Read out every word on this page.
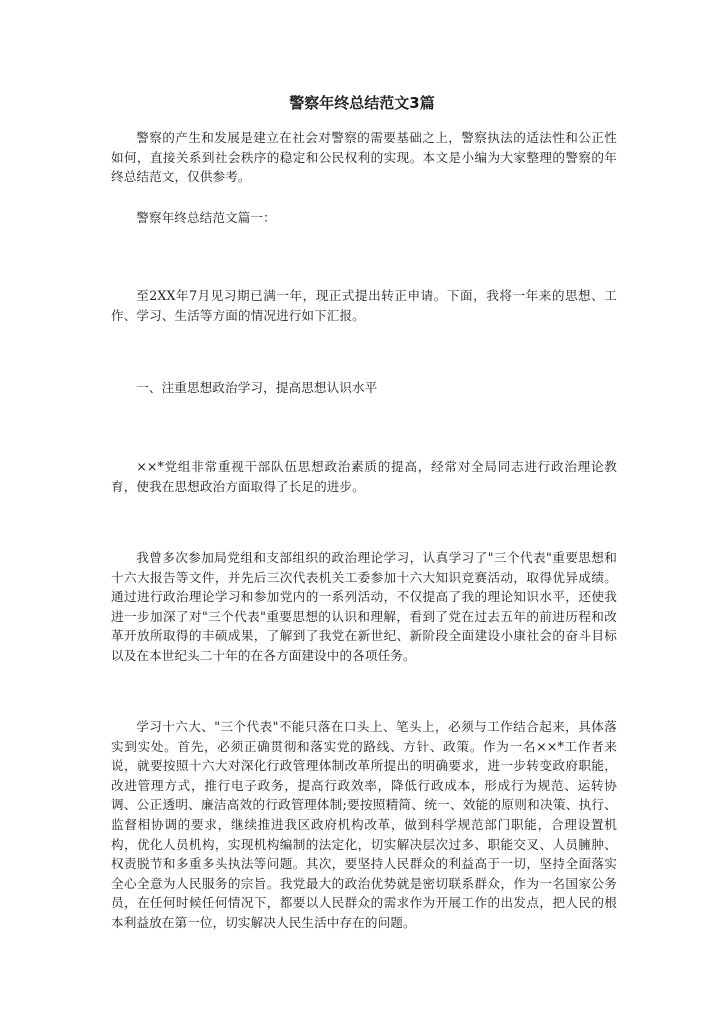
警察年终总结范文3篇

警察的产生和发展是建立在社会对警察的需要基础之上，警察执法的适法性和公正性如何，直接关系到社会秩序的稳定和公民权利的实现。本文是小编为大家整理的警察的年终总结范文，仅供参考。

警察年终总结范文篇一：

至2XX年7月见习期已满一年，现正式提出转正申请。下面，我将一年来的思想、工作、学习、生活等方面的情况进行如下汇报。

一、注重思想政治学习，提高思想认识水平

××*党组非常重视干部队伍思想政治素质的提高，经常对全局同志进行政治理论教育，使我在思想政治方面取得了长足的进步。

我曾多次参加局党组和支部组织的政治理论学习，认真学习了"三个代表"重要思想和十六大报告等文件，并先后三次代表机关工委参加十六大知识竞赛活动，取得优异成绩。通过进行政治理论学习和参加党内的一系列活动，不仅提高了我的理论知识水平，还使我进一步加深了对"三个代表"重要思想的认识和理解，看到了党在过去五年的前进历程和改革开放所取得的丰硕成果，了解到了我党在新世纪、新阶段全面建设小康社会的奋斗目标以及在本世纪头二十年的在各方面建设中的各项任务。

学习十六大、"三个代表"不能只落在口头上、笔头上，必须与工作结合起来，具体落实到实处。首先，必须正确贯彻和落实党的路线、方针、政策。作为一名××*工作者来说，就要按照十六大对深化行政管理体制改革所提出的明确要求，进一步转变政府职能，改进管理方式，推行电子政务，提高行政效率，降低行政成本，形成行为规范、运转协调、公正透明、廉洁高效的行政管理体制;要按照精简、统一、效能的原则和决策、执行、监督相协调的要求，继续推进我区政府机构改革，做到科学规范部门职能，合理设置机构，优化人员机构，实现机构编制的法定化，切实解决层次过多、职能交叉、人员臃肿、权责脱节和多重多头执法等问题。其次，要坚持人民群众的利益高于一切，坚持全面落实全心全意为人民服务的宗旨。我党最大的政治优势就是密切联系群众，作为一名国家公务员，在任何时候任何情况下，都要以人民群众的需求作为开展工作的出发点，把人民的根本利益放在第一位，切实解决人民生活中存在的问题。
